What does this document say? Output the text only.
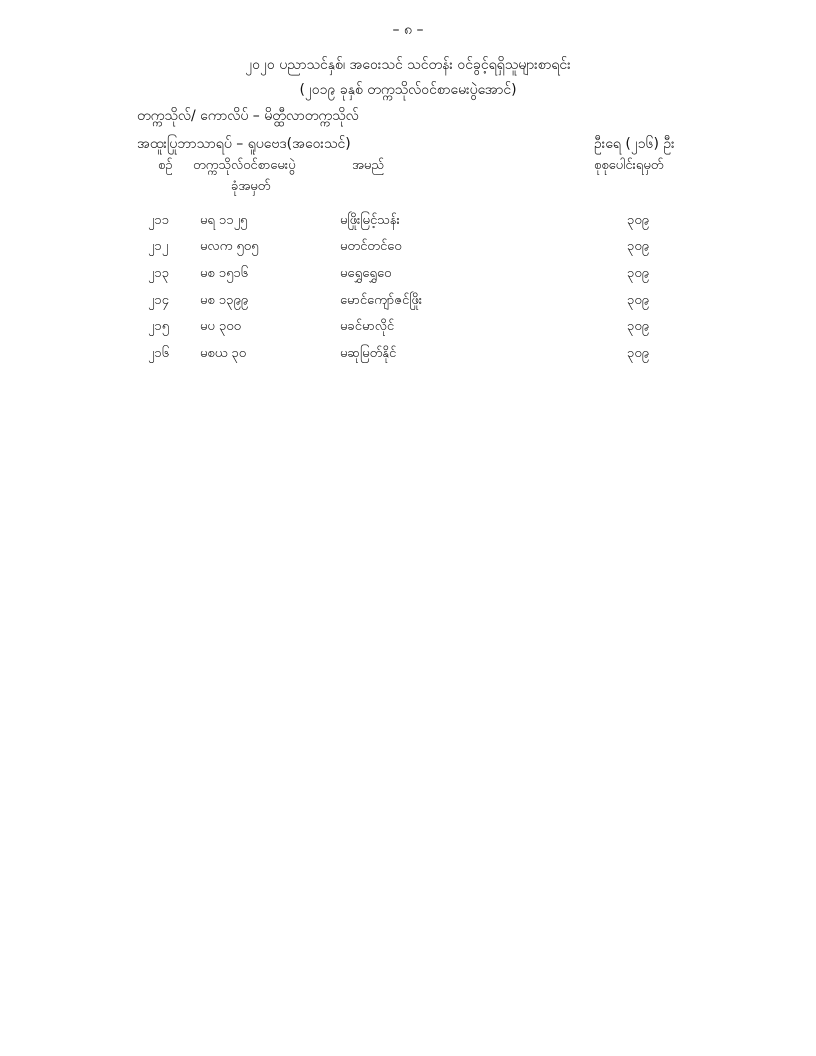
– ၈ –
၂၀၂၀ ပညာသင်နှစ်၊ အဝေးသင် သင်တန်း ဝင်ခွင့်ရရှိသူများစာရင်း
(၂၀၁၉ ခုနှစ် တက္ကသိုလ်ဝင်စာမေးပွဲအောင်)
တက္ကသိုလ်/ ကောလိပ် – မိတ္ထီလာတက္ကသိုလ်
အထူးပြုဘာသာရပ် – ရူပဗေဒ(အဝေးသင်)	ဦးရေ (၂၁၆) ဦး
စဉ် တက္ကသိုလ်ဝင်စာမေးပွဲ
ခုံအမှတ်
အမည်	စုစုပေါင်းရမှတ်
၂၁၁ မရ ၁၁၂၅	မဖြိုးမြင့်သန်း	၃၀၉
၂၁၂ မလက ၅၀၅	မတင်တင်ဝေ	၃၀၉
၂၁၃ မစ ၁၅၁၆	မရွှေရွှေဝေ	၃၀၉
၂၁၄ မစ ၁၃၉၉	မောင်ကျော်ဇင်ဖြိုး	၃၀၉
၂၁၅ မပ ၃၀၀	မခင်မာလိုင်	၃၀၉
၂၁၆ မစယ ၃၀	မဆုမြတ်နိုင်	၃၀၉
